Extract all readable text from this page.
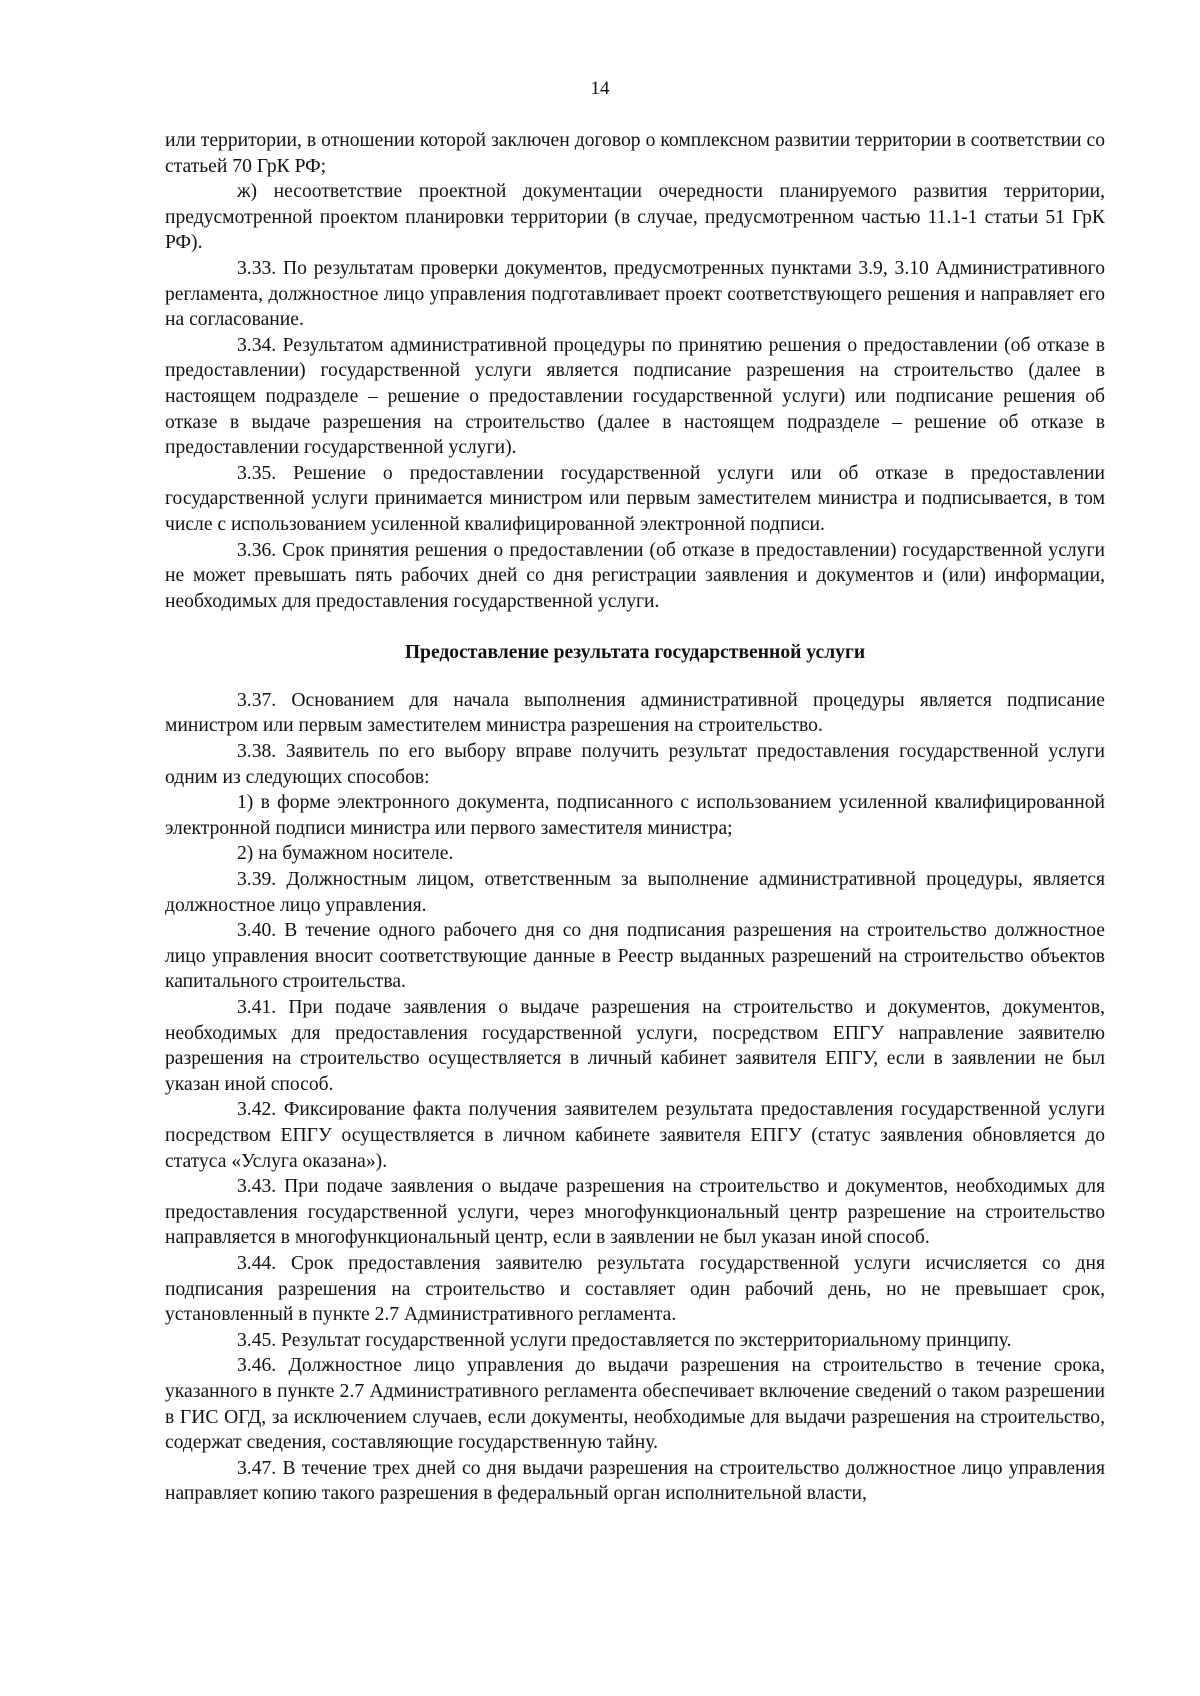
14

или территории, в отношении которой заключен договор о комплексном развитии территории в соответствии со статьей 70 ГрК РФ;

ж) несоответствие проектной документации очередности планируемого развития территории, предусмотренной проектом планировки территории (в случае, предусмотренном частью 11.1-1 статьи 51 ГрК РФ).

3.33. По результатам проверки документов, предусмотренных пунктами 3.9, 3.10 Административного регламента, должностное лицо управления подготавливает проект соответствующего решения и направляет его на согласование.

3.34. Результатом административной процедуры по принятию решения о предоставлении (об отказе в предоставлении) государственной услуги является подписание разрешения на строительство (далее в настоящем подразделе – решение о предоставлении государственной услуги) или подписание решения об отказе в выдаче разрешения на строительство (далее в настоящем подразделе – решение об отказе в предоставлении государственной услуги).

3.35. Решение о предоставлении государственной услуги или об отказе в предоставлении государственной услуги принимается министром или первым заместителем министра и подписывается, в том числе с использованием усиленной квалифицированной электронной подписи.

3.36. Срок принятия решения о предоставлении (об отказе в предоставлении) государственной услуги не может превышать пять рабочих дней со дня регистрации заявления и документов и (или) информации, необходимых для предоставления государственной услуги.

Предоставление результата государственной услуги

3.37. Основанием для начала выполнения административной процедуры является подписание министром или первым заместителем министра разрешения на строительство.

3.38. Заявитель по его выбору вправе получить результат предоставления государственной услуги одним из следующих способов:

1) в форме электронного документа, подписанного с использованием усиленной квалифицированной электронной подписи министра или первого заместителя министра;

2) на бумажном носителе.

3.39. Должностным лицом, ответственным за выполнение административной процедуры, является должностное лицо управления.

3.40. В течение одного рабочего дня со дня подписания разрешения на строительство должностное лицо управления вносит соответствующие данные в Реестр выданных разрешений на строительство объектов капитального строительства.

3.41. При подаче заявления о выдаче разрешения на строительство и документов, документов, необходимых для предоставления государственной услуги, посредством ЕПГУ направление заявителю разрешения на строительство осуществляется в личный кабинет заявителя ЕПГУ, если в заявлении не был указан иной способ.

3.42. Фиксирование факта получения заявителем результата предоставления государственной услуги посредством ЕПГУ осуществляется в личном кабинете заявителя ЕПГУ (статус заявления обновляется до статуса «Услуга оказана»).

3.43. При подаче заявления о выдаче разрешения на строительство и документов, необходимых для предоставления государственной услуги, через многофункциональный центр разрешение на строительство направляется в многофункциональный центр, если в заявлении не был указан иной способ.

3.44. Срок предоставления заявителю результата государственной услуги исчисляется со дня подписания разрешения на строительство и составляет один рабочий день, но не превышает срок, установленный в пункте 2.7 Административного регламента.

3.45. Результат государственной услуги предоставляется по экстерриториальному принципу.

3.46. Должностное лицо управления до выдачи разрешения на строительство в течение срока, указанного в пункте 2.7 Административного регламента обеспечивает включение сведений о таком разрешении в ГИС ОГД, за исключением случаев, если документы, необходимые для выдачи разрешения на строительство, содержат сведения, составляющие государственную тайну.

3.47. В течение трех дней со дня выдачи разрешения на строительство должностное лицо управления направляет копию такого разрешения в федеральный орган исполнительной власти,
